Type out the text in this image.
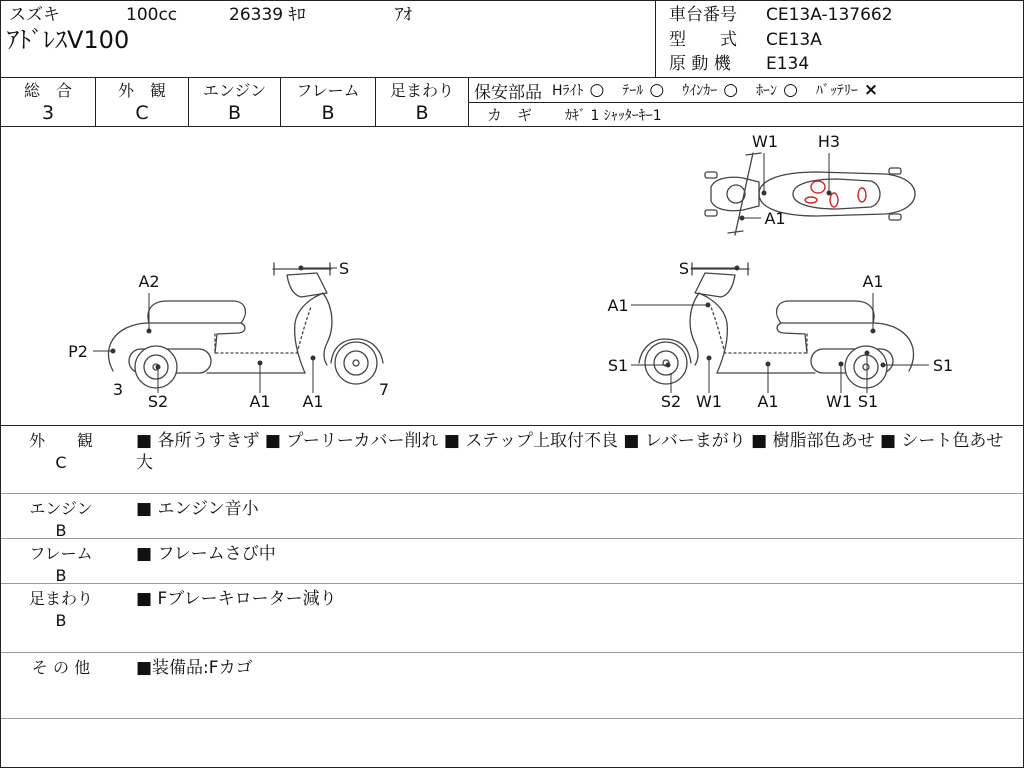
スズキ	100cc	26339 ｷﾛ	ｱｵ
ｱﾄﾞﾚｽV100
車台番号 CE13A-137662
型　　式 CE13A
原 動 機 E134
総　合
3
外　観
C
エンジン
B
フレーム
B
足まわり
B
保安部品 Hﾗｲﾄ ○ ﾃｰﾙ ○ ｳｲﾝｶｰ ○ ﾎｰﾝ ○ ﾊﾞｯﾃﾘｰ ×
カ　ギ	ｶｷﾞ 1 ｼｬｯﾀｰｷｰ1
A2
P2
S
3
S2	A1 A1
7
S
A1
A1
S1	S1
S2 W1 A1	W1 S1
W1 H3
A1
外　　観
C
■ 各所うすきず ■ プーリーカバー削れ ■ ステップ上取付不良 ■ レバーまがり ■ 樹脂部色あせ ■ シート色あせ大
エンジン
B
■ エンジン音小
フレーム
B
■ フレームさび中
足まわり
B
■ Fブレーキローター減り
そ の 他	■装備品:Fカゴ
